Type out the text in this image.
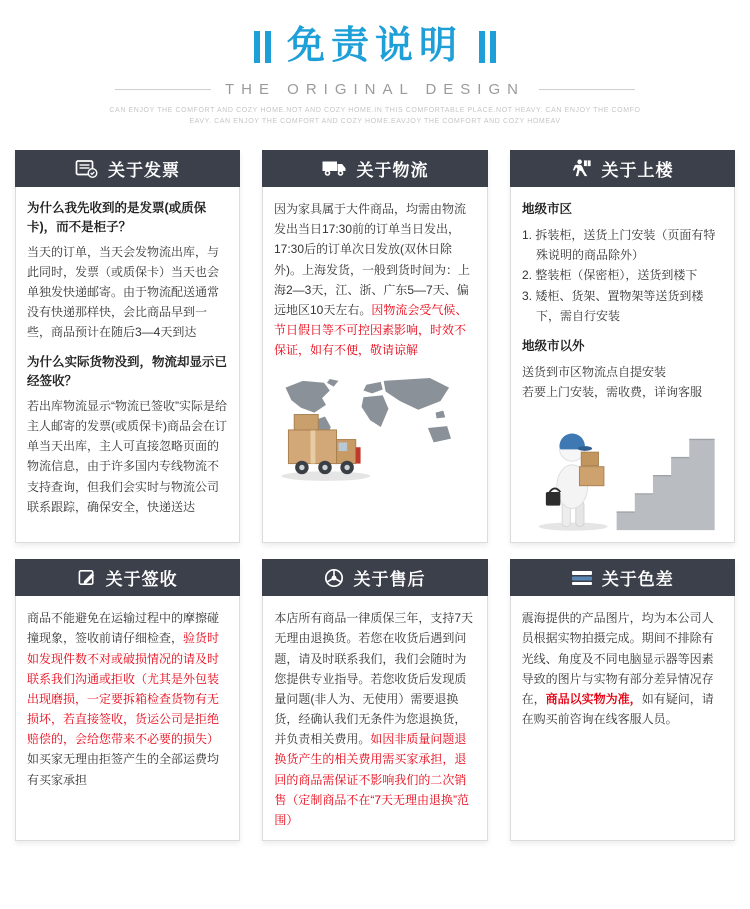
免责说明
THE ORIGINAL DESIGN
CAN ENJOY THE COMFORT AND COZY HOME.NOT AND COZY HOME.IN THIS COMFORTABLE PLACE.NOT HEAVY. CAN ENJOY THE COMFO
EAVY. CAN ENJOY THE COMFORT AND COZY HOME.EAVJOY THE COMFORT AND COZY HOMEAV
关于发票
为什么我先收到的是发票(或质保卡)，而不是柜子？
当天的订单，当天会发物流出库，与此同时，发票（或质保卡）当天也会单独发快递邮寄。由于物流配送通常没有快递那样快，会比商品早到一些，商品预计在随后3—4天到达
为什么实际货物没到，物流却显示已经签收？
若出库物流显示“物流已签收”实际是给主人邮寄的发票(或质保卡)商品会在订单当天出库，主人可直接忽略页面的物流信息，由于许多国内专线物流不支持查询，但我们会实时与物流公司联系跟踪，确保安全，快递送达
关于物流
因为家具属于大件商品，均需由物流发出当日17:30前的订单当日发出，17:30后的订单次日发放(双休日除外)。上海发货，一般到货时间为：上海2—3天，江、浙、广东5—7天、偏远地区10天左右。因物流会受气候、节日假日等不可控因素影响，时效不保证，如有不便，敬请谅解
关于上楼
地级市区
1. 拆装柜，送货上门安装（页面有特殊说明的商品除外）
2. 整装柜（保密柜），送货到楼下
3. 矮柜、货架、置物架等送货到楼下，需自行安装
地级市以外
送货到市区物流点自提安装
若要上门安装，需收费，详询客服
关于签收
商品不能避免在运输过程中的摩擦碰撞现象，签收前请仔细检查，验货时如发现件数不对或破损情况的请及时联系我们沟通或拒收（尤其是外包装出现磨损，一定要拆箱检查货物有无损坏，若直接签收，货运公司是拒绝赔偿的，会给您带来不必要的损失）如买家无理由拒签产生的全部运费均有买家承担
关于售后
本店所有商品一律质保三年，支持7天无理由退换货。若您在收货后遇到问题，请及时联系我们，我们会随时为您提供专业指导。若您收货后发现质量问题(非人为、无使用）需要退换货，经确认我们无条件为您退换货，并负责相关费用。如因非质量问题退换货产生的相关费用需买家承担，退回的商品需保证不影响我们的二次销售（定制商品不在“7天无理由退换”范围）
关于色差
震海提供的产品图片，均为本公司人员根据实物拍摄完成。期间不排除有光线、角度及不同电脑显示器等因素导致的图片与实物有部分差异情况存在，商品以实物为准，如有疑问，请在购买前咨询在线客服人员。
